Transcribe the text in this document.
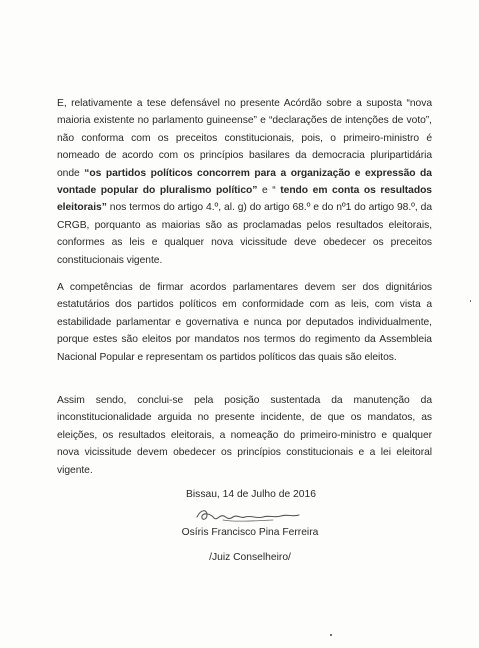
E, relativamente a tese defensável no presente Acórdão sobre a suposta “nova maioria existente no parlamento guineense” e “declarações de intenções de voto”, não conforma com os preceitos constitucionais, pois, o primeiro-ministro é nomeado de acordo com os princípios basilares da democracia pluripartidária onde “os partidos políticos concorrem para a organização e expressão da vontade popular do pluralismo político” e “ tendo em conta os resultados eleitorais” nos termos do artigo 4.º, al. g) do artigo 68.º e do nº1 do artigo 98.º, da CRGB, porquanto as maiorias são as proclamadas pelos resultados eleitorais, conformes as leis e qualquer nova vicissitude deve obedecer os preceitos constitucionais vigente.
A competências de firmar acordos parlamentares devem ser dos dignitários estatutários dos partidos políticos em conformidade com as leis, com vista a estabilidade parlamentar e governativa e nunca por deputados individualmente, porque estes são eleitos por mandatos nos termos do regimento da Assembleia Nacional Popular e representam os partidos políticos das quais são eleitos.
Assim sendo, conclui-se pela posição sustentada da manutenção da inconstitucionalidade arguida no presente incidente, de que os mandatos, as eleições, os resultados eleitorais, a nomeação do primeiro-ministro e qualquer nova vicissitude devem obedecer os princípios constitucionais e a lei eleitoral vigente.
Bissau, 14 de Julho de 2016
Osíris Francisco Pina Ferreira
/Juiz Conselheiro/
